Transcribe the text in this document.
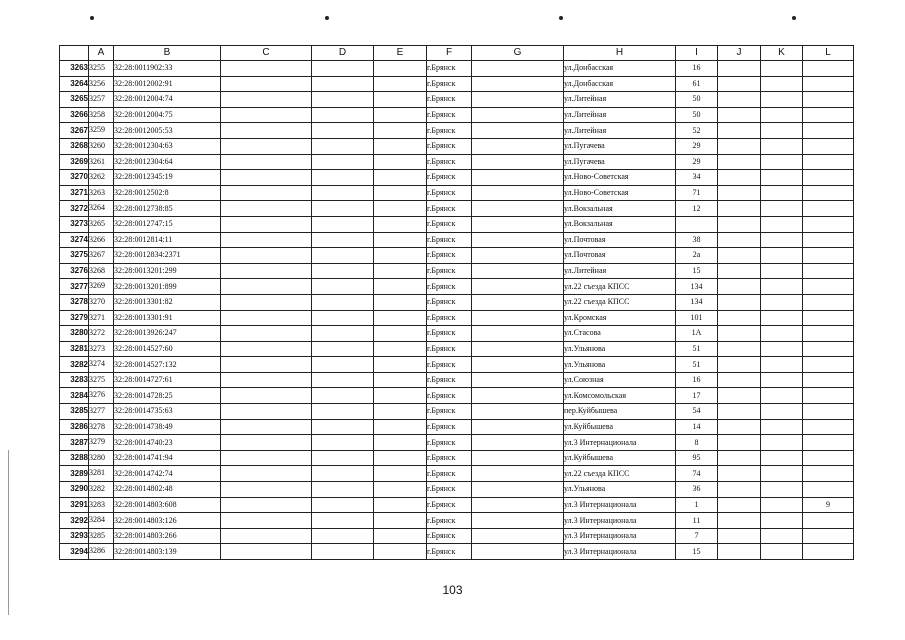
	A	B	C	D	E	F	G	H	I	J	K	L
3263	3255	32:28:0011902:33				г.Брянск		ул.Донбасская	16			
3264	3256	32:28:0012002:91				г.Брянск		ул.Донбасская	61			
3265	3257	32:28:0012004:74				г.Брянск		ул.Литейная	50			
3266	3258	32:28:0012004:75				г.Брянск		ул.Литейная	50			
3267	3259	32:28:0012005:53				г.Брянск		ул.Литейная	52			
3268	3260	32:28:0012304:63				г.Брянск		ул.Пугачева	29			
3269	3261	32:28:0012304:64				г.Брянск		ул.Пугачева	29			
3270	3262	32:28:0012345:19				г.Брянск		ул.Ново-Советская	34			
3271	3263	32:28:0012502:8				г.Брянск		ул.Ново-Советская	71			
3272	3264	32:28:0012738:85				г.Брянск		ул.Вокзальная	12			
3273	3265	32:28:0012747:15				г.Брянск		ул.Вокзальная				
3274	3266	32:28:0012814:11				г.Брянск		ул.Почтовая	38			
3275	3267	32:28:0012834:2371				г.Брянск		ул.Почтовая	2а			
3276	3268	32:28:0013201:299				г.Брянск		ул.Литейная	15			
3277	3269	32:28:0013201:899				г.Брянск		ул.22 съезда КПСС	134			
3278	3270	32:28:0013301:82				г.Брянск		ул.22 съезда КПСС	134			
3279	3271	32:28:0013301:91				г.Брянск		ул.Кромская	101			
3280	3272	32:28:0013926:247				г.Брянск		ул.Стасова	1А			
3281	3273	32:28:0014527:60				г.Брянск		ул.Ульянова	51			
3282	3274	32:28:0014527:132				г.Брянск		ул.Ульянова	51			
3283	3275	32:28:0014727:61				г.Брянск		ул.Союзная	16			
3284	3276	32:28:0014728:25				г.Брянск		ул.Комсомольская	17			
3285	3277	32:28:0014735:63				г.Брянск		пер.Куйбышева	54			
3286	3278	32:28:0014738:49				г.Брянск		ул.Куйбышева	14			
3287	3279	32:28:0014740:23				г.Брянск		ул.3 Интернационала	8			
3288	3280	32:28:0014741:94				г.Брянск		ул.Куйбышева	95			
3289	3281	32:28:0014742:74				г.Брянск		ул.22 съезда КПСС	74			
3290	3282	32:28:0014802:48				г.Брянск		ул.Ульянова	36			
3291	3283	32:28:0014803:608				г.Брянск		ул.3 Интернационала	1			9
3292	3284	32:28:0014803:126				г.Брянск		ул.3 Интернационала	11			
3293	3285	32:28:0014803:266				г.Брянск		ул.3 Интернационала	7			
3294	3286	32:28:0014803:139				г.Брянск		ул.3 Интернационала	15			
103
